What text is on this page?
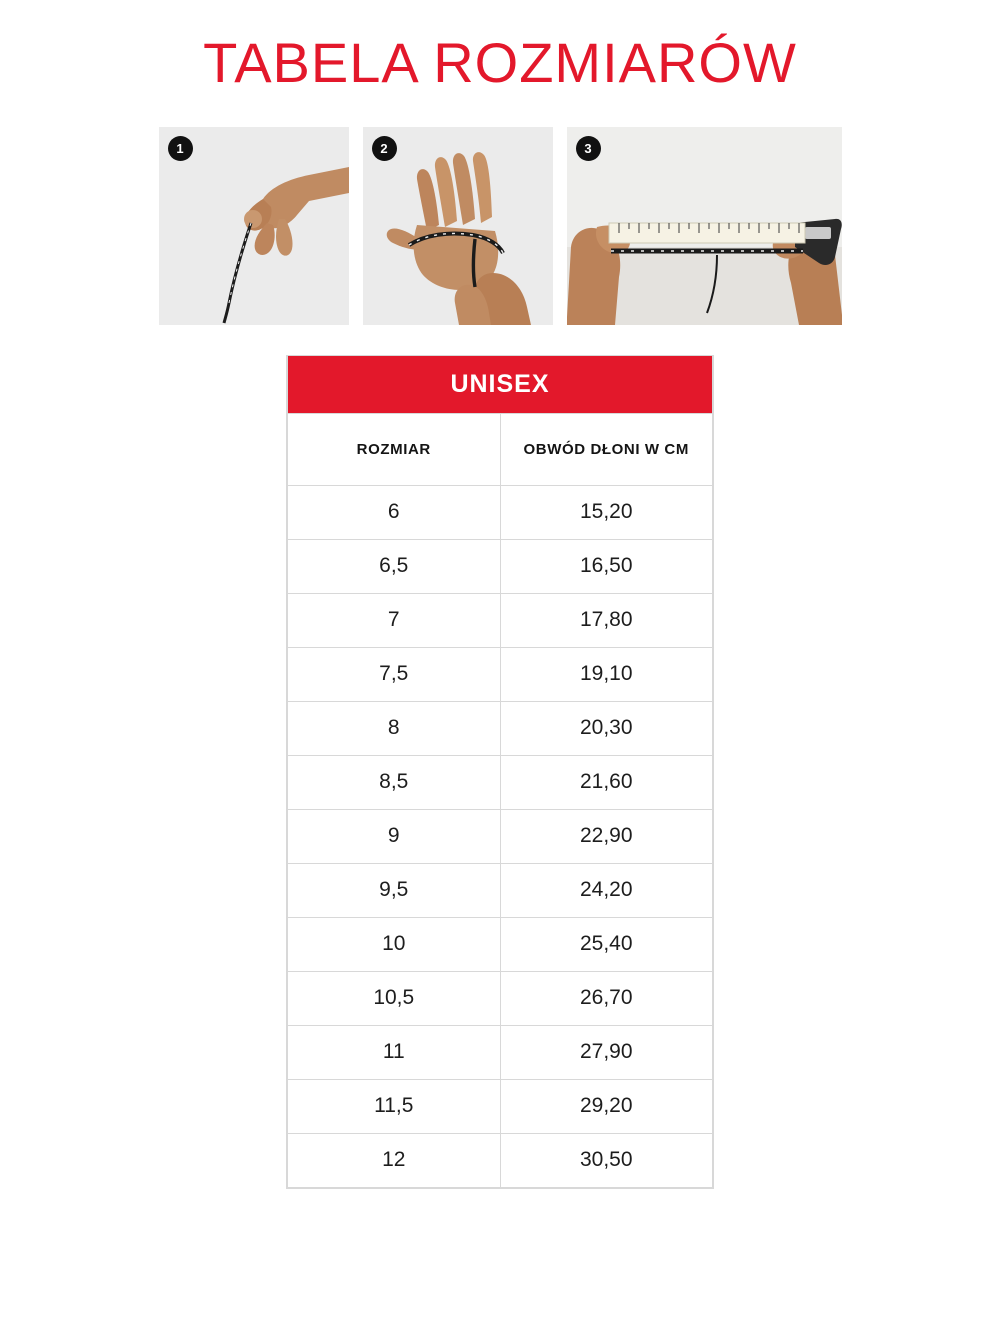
TABELA ROZMIARÓW
1	2	3
UNISEX	
ROZMIAR	OBWÓD DŁONI W CM
6	15,20
6,5	16,50
7	17,80
7,5	19,10
8	20,30
8,5	21,60
9	22,90
9,5	24,20
10	25,40
10,5	26,70
11	27,90
11,5	29,20
12	30,50
